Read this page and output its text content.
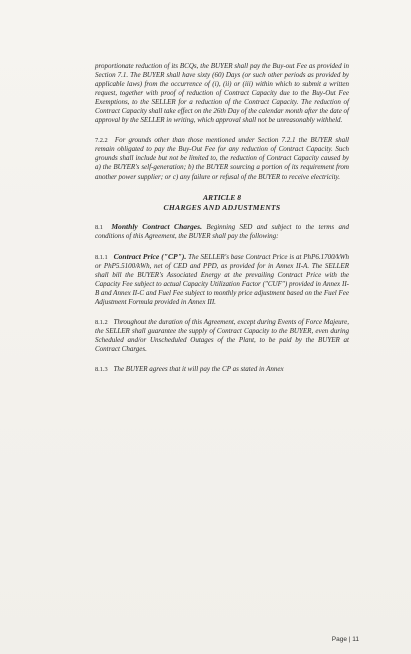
proportionate reduction of its BCQs, the BUYER shall pay the Buy-out Fee as provided in Section 7.1. The BUYER shall have sixty (60) Days (or such other periods as provided by applicable laws) from the occurrence of (i), (ii) or (iii) within which to submit a written request, together with proof of reduction of Contract Capacity due to the Buy-Out Fee Exemptions, to the SELLER for a reduction of the Contract Capacity. The reduction of Contract Capacity shall take effect on the 26th Day of the calendar month after the date of approval by the SELLER in writing, which approval shall not be unreasonably withheld.

7.2.2 For grounds other than those mentioned under Section 7.2.1 the BUYER shall remain obligated to pay the Buy-Out Fee for any reduction of Contract Capacity. Such grounds shall include but not be limited to, the reduction of Contract Capacity caused by a) the BUYER's self-generation; b) the BUYER sourcing a portion of its requirement from another power supplier; or c) any failure or refusal of the BUYER to receive electricity.

ARTICLE 8
CHARGES AND ADJUSTMENTS

8.1 Monthly Contract Charges. Beginning SED and subject to the terms and conditions of this Agreement, the BUYER shall pay the following:

8.1.1 Contract Price ("CP"). The SELLER's base Contract Price is at PhP6.1700/kWh or PhP5.5100/kWh, net of CED and PPD, as provided for in Annex II-A. The SELLER shall bill the BUYER's Associated Energy at the prevailing Contract Price with the Capacity Fee subject to actual Capacity Utilization Factor ("CUF") provided in Annex II-B and Annex II-C and Fuel Fee subject to monthly price adjustment based on the Fuel Fee Adjustment Formula provided in Annex III.

8.1.2 Throughout the duration of this Agreement, except during Events of Force Majeure, the SELLER shall guarantee the supply of Contract Capacity to the BUYER, even during Scheduled and/or Unscheduled Outages of the Plant, to be paid by the BUYER at Contract Charges.

8.1.3 The BUYER agrees that it will pay the CP as stated in Annex

Page | 11
